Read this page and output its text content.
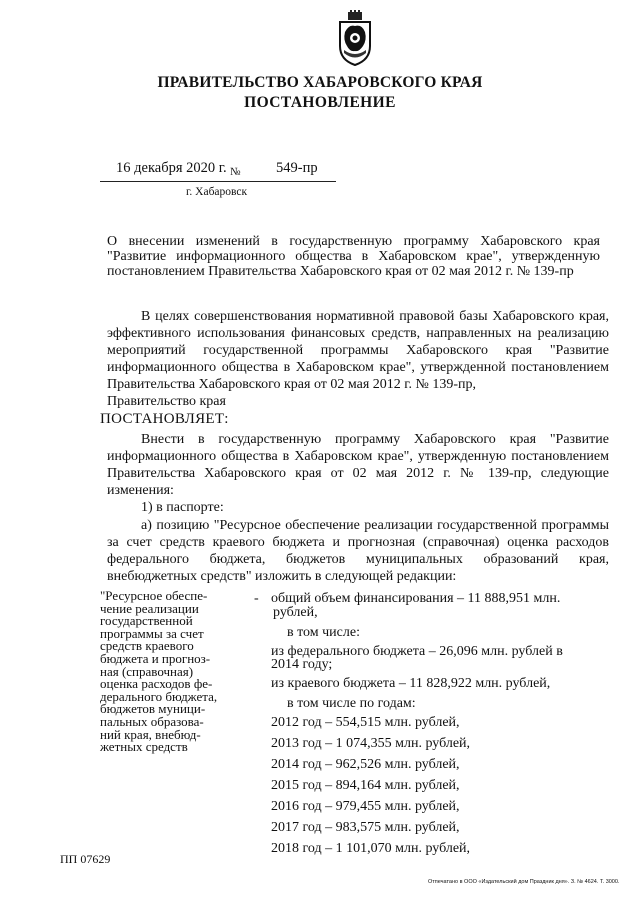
ПРАВИТЕЛЬСТВО ХАБАРОВСКОГО КРАЯ
ПОСТАНОВЛЕНИЕ
16 декабря 2020 г. № 549-пр
г. Хабаровск
О внесении изменений в государственную программу Хабаровского края "Развитие информационного общества в Хабаровском крае", утвержденную постановлением Правительства Хабаровского края от 02 мая 2012 г. № 139-пр
В целях совершенствования нормативной правовой базы Хабаровского края, эффективного использования финансовых средств, направленных на реализацию мероприятий государственной программы Хабаровского края "Развитие информационного общества в Хабаровском крае", утвержденной постановлением Правительства Хабаровского края от 02 мая 2012 г. № 139-пр,
Правительство края
ПОСТАНОВЛЯЕТ:
Внести в государственную программу Хабаровского края "Развитие информационного общества в Хабаровском крае", утвержденную постановлением Правительства Хабаровского края от 02 мая 2012 г. № 139-пр, следующие изменения:
1) в паспорте:
а) позицию "Ресурсное обеспечение реализации государственной программы за счет средств краевого бюджета и прогнозная (справочная) оценка расходов федерального бюджета, бюджетов муниципальных образований края, внебюджетных средств" изложить в следующей редакции:
"Ресурсное обеспе-
чение реализации
государственной
программы за счет
средств краевого
бюджета и прогноз-
ная (справочная)
оценка расходов фе-
дерального бюджета,
бюджетов муници-
пальных образова-
ний края, внебюд-
жетных средств
- общий объем финансирования – 11 888,951 млн.
рублей,
в том числе:
из федерального бюджета – 26,096 млн. рублей в
2014 году;
из краевого бюджета – 11 828,922 млн. рублей,
в том числе по годам:
2012 год – 554,515 млн. рублей,
2013 год – 1 074,355 млн. рублей,
2014 год – 962,526 млн. рублей,
2015 год – 894,164 млн. рублей,
2016 год – 979,455 млн. рублей,
2017 год – 983,575 млн. рублей,
2018 год – 1 101,070 млн. рублей,
ПП 07629
Отпечатано в ООО «Издательский дом Праздник дня». З. № 4624. Т. 3000.
